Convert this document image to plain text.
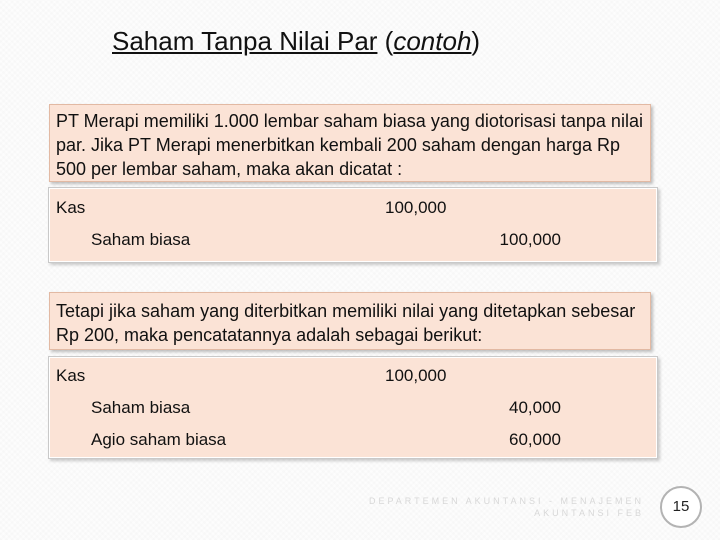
Saham Tanpa Nilai Par (contoh)
PT Merapi memiliki 1.000 lembar saham biasa yang diotorisasi tanpa nilai par. Jika PT Merapi menerbitkan kembali 200 saham dengan harga Rp 500 per lembar saham, maka akan dicatat :
Kas	100,000
Saham biasa	100,000
Tetapi jika saham yang diterbitkan memiliki nilai yang ditetapkan sebesar Rp 200, maka pencatatannya adalah sebagai berikut:
Kas	100,000
Saham biasa	40,000
Agio saham biasa	60,000
DEPARTEMEN AKUNTANSI - MENAJEMEN AKUNTANSI FEB	15
